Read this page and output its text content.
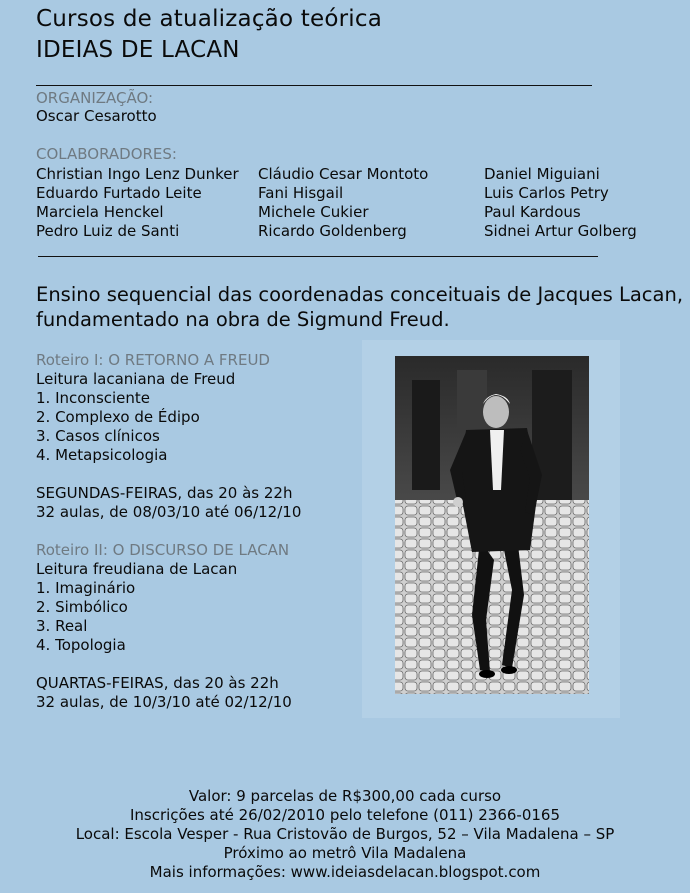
Cursos de atualização teórica
IDEIAS DE LACAN
ORGANIZAÇÃO:
Oscar Cesarotto
COLABORADORES:
Christian Ingo Lenz Dunker
Eduardo Furtado Leite
Marciela Henckel
Pedro Luiz de Santi
Cláudio Cesar Montoto
Fani Hisgail
Michele Cukier
Ricardo Goldenberg
Daniel Miguiani
Luis Carlos Petry
Paul Kardous
Sidnei Artur Golberg
Ensino sequencial das coordenadas conceituais de Jacques Lacan,
fundamentado na obra de Sigmund Freud.
Roteiro I: O RETORNO A FREUD
Leitura lacaniana de Freud
1. Inconsciente
2. Complexo de Édipo
3. Casos clínicos
4. Metapsicologia
SEGUNDAS-FEIRAS, das 20 às 22h
32 aulas, de 08/03/10 até 06/12/10
Roteiro II: O DISCURSO DE LACAN
Leitura freudiana de Lacan
1. Imaginário
2. Simbólico
3. Real
4. Topologia
QUARTAS-FEIRAS, das 20 às 22h
32 aulas, de 10/3/10 até 02/12/10
Valor: 9 parcelas de R$300,00 cada curso
Inscrições até 26/02/2010 pelo telefone (011) 2366-0165
Local: Escola Vesper - Rua Cristovão de Burgos, 52 – Vila Madalena – SP
Próximo ao metrô Vila Madalena
Mais informações: www.ideiasdelacan.blogspot.com
